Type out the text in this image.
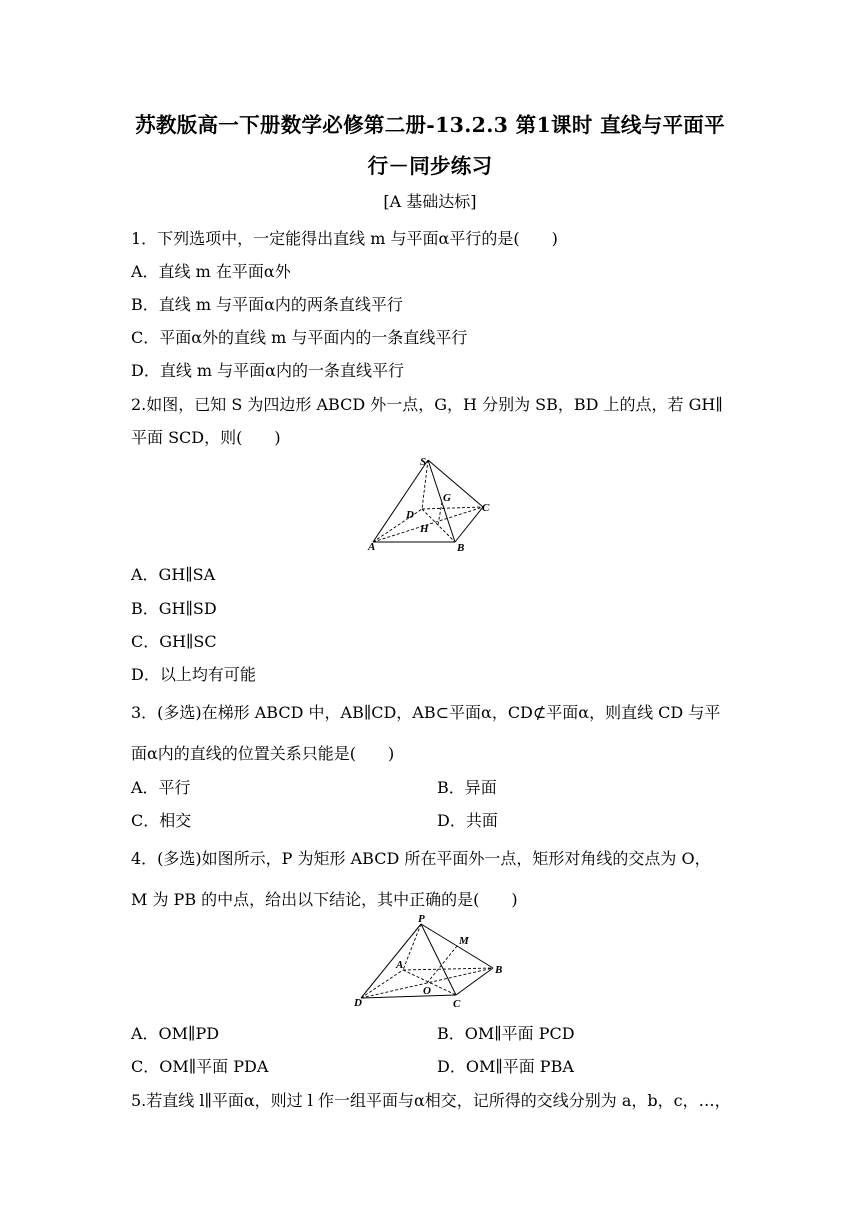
苏教版高一下册数学必修第二册-13.2.3 第1课时 直线与平面平
行－同步练习
[A 基础达标]
1．下列选项中，一定能得出直线 m 与平面α平行的是(　　)
A．直线 m 在平面α外
B．直线 m 与平面α内的两条直线平行
C．平面α外的直线 m 与平面内的一条直线平行
D．直线 m 与平面α内的一条直线平行
2.如图，已知 S 为四边形 ABCD 外一点，G，H 分别为 SB，BD 上的点，若 GH∥
平面 SCD，则(　　)
S
G
C
D
H
A	B
A．GH∥SA
B．GH∥SD
C．GH∥SC
D．以上均有可能
3．(多选)在梯形 ABCD 中，AB∥CD，AB⊂平面α，CD⊄平面α，则直线 CD 与平
面α内的直线的位置关系只能是(　　)
A．平行	B．异面
C．相交	D．共面
4．(多选)如图所示，P 为矩形 ABCD 所在平面外一点，矩形对角线的交点为 O，
M 为 PB 的中点，给出以下结论，其中正确的是(　　)
P
M
A	B
O
D	C
A．OM∥PD	B．OM∥平面 PCD
C．OM∥平面 PDA	D．OM∥平面 PBA
5.若直线 l∥平面α，则过 l 作一组平面与α相交，记所得的交线分别为 a，b，c，…，
